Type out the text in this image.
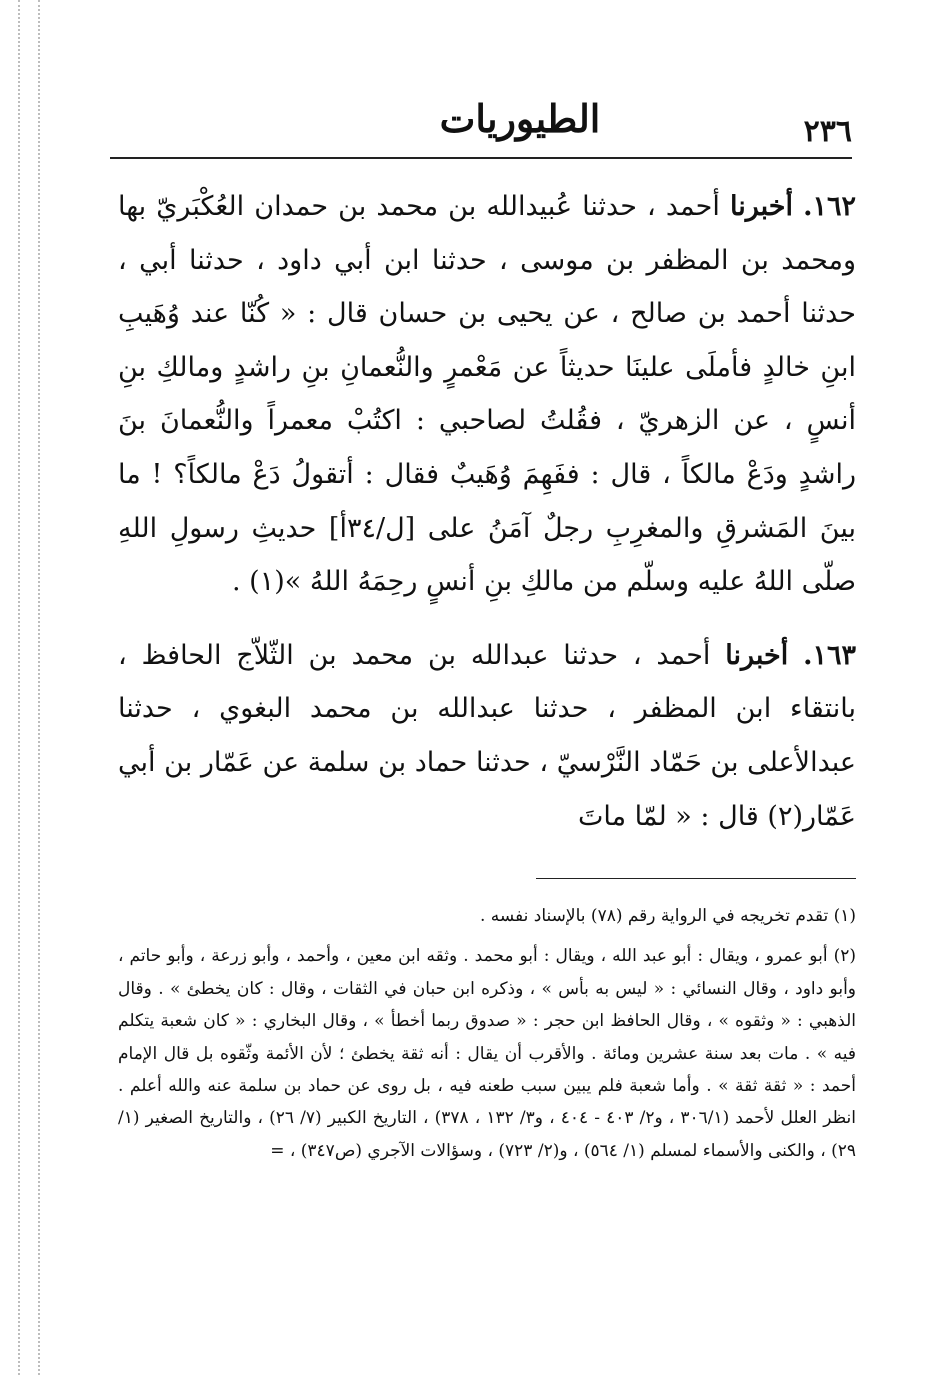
٢٣٦
الطيوريات

١٦٢. أخبرنا أحمد ، حدثنا عُبيدالله بن محمد بن حمدان العُكْبَريّ بها ومحمد بن المظفر بن موسى ، حدثنا ابن أبي داود ، حدثنا أبي ، حدثنا أحمد بن صالح ، عن يحيى بن حسان قال : « كُنّا عند وُهَيبِ ابنِ خالدٍ فأملَى علينَا حديثاً عن مَعْمرٍ والنُّعمانِ بنِ راشدٍ ومالكِ بنِ أنسٍ ، عن الزهريّ ، فقُلتُ لصاحبي : اكتُبْ معمراً والنُّعمانَ بنَ راشدٍ ودَعْ مالكاً ، قال : ففَهِمَ وُهَيبٌ فقال : أتقولُ دَعْ مالكاً؟ ! ما بينَ المَشرقِ والمغرِبِ رجلٌ آمَنُ على [ل/٣٤أ] حديثِ رسولِ اللهِ صلّى اللهُ عليه وسلّم من مالكِ بنِ أنسٍ رحِمَهُ اللهُ »(١) .

١٦٣. أخبرنا أحمد ، حدثنا عبدالله بن محمد بن الثّلاّج الحافظ ، بانتقاء ابن المظفر ، حدثنا عبدالله بن محمد البغوي ، حدثنا عبدالأعلى بن حَمّاد النَّرْسيّ ، حدثنا حماد بن سلمة عن عَمّار بن أبي عَمّار(٢) قال : « لمّا ماتَ

(١) تقدم تخريجه في الرواية رقم (٧٨) بالإسناد نفسه .

(٢) أبو عمرو ، ويقال : أبو عبد الله ، ويقال : أبو محمد . وثقه ابن معين ، وأحمد ، وأبو زرعة ، وأبو حاتم ، وأبو داود ، وقال النسائي : « ليس به بأس » ، وذكره ابن حبان في الثقات ، وقال : كان يخطئ » . وقال الذهبي : « وثقوه » ، وقال الحافظ ابن حجر : « صدوق ربما أخطأ » ، وقال البخاري : « كان شعبة يتكلم فيه » . مات بعد سنة عشرين ومائة . والأقرب أن يقال : أنه ثقة يخطئ ؛ لأن الأئمة وثّقوه بل قال الإمام أحمد : « ثقة ثقة » . وأما شعبة فلم يبين سبب طعنه فيه ، بل روى عن حماد بن سلمة عنه والله أعلم . انظر العلل لأحمد (٣٠٦/١ ، و٢/ ٤٠٣ - ٤٠٤ ، و٣/ ١٣٢ ، ٣٧٨) ، التاريخ الكبير (٧/ ٢٦) ، والتاريخ الصغير (١/ ٢٩) ، والكنى والأسماء لمسلم (١/ ٥٦٤) ، و(٢/ ٧٢٣) ، وسؤالات الآجري (ص٣٤٧) ، =
